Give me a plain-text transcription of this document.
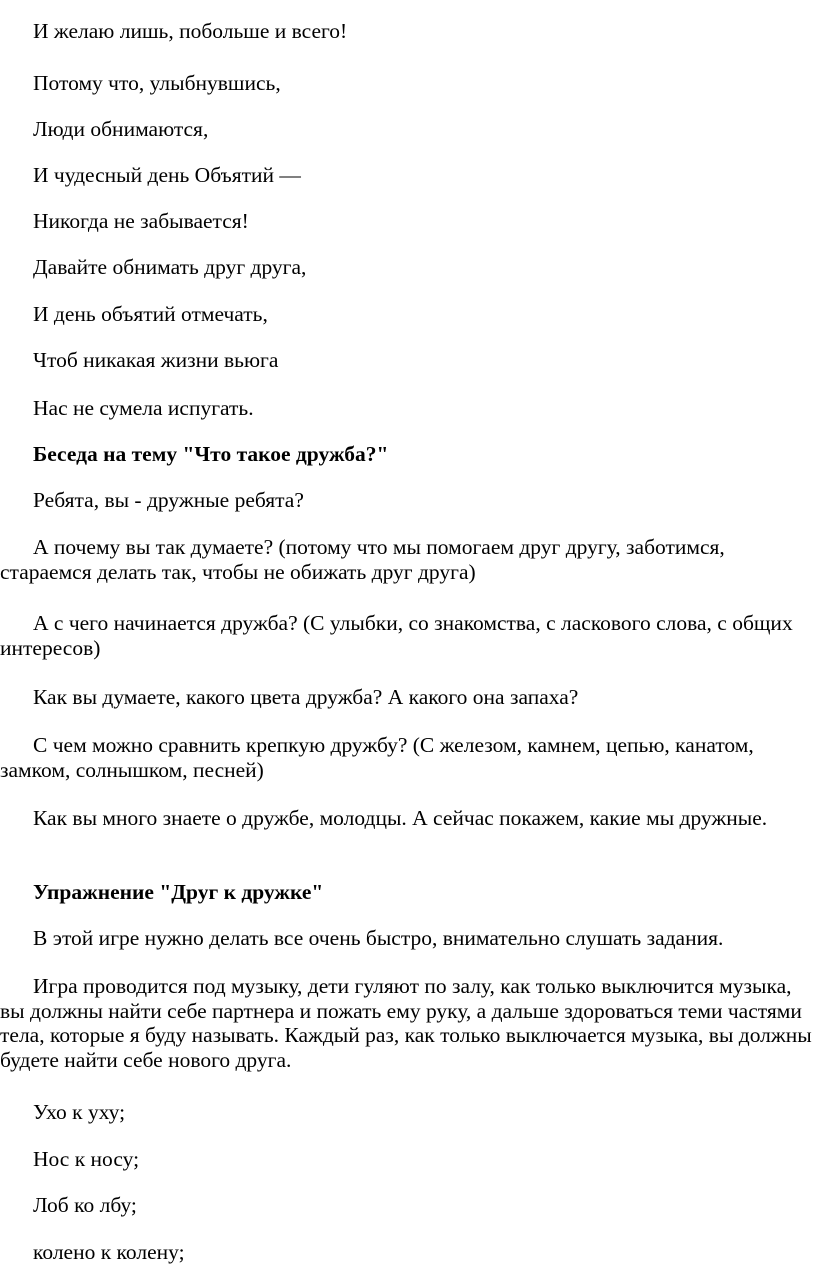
И желаю лишь, побольше и всего!

Потому что, улыбнувшись,

Люди обнимаются,

И чудесный день Объятий —

Никогда не забывается!

Давайте обнимать друг друга,

И день объятий отмечать,

Чтоб никакая жизни вьюга

Нас не сумела испугать.

Беседа на тему "Что такое дружба?"

Ребята, вы - дружные ребята?

А почему вы так думаете? (потому что мы помогаем друг другу, заботимся, стараемся делать так, чтобы не обижать друг друга)

А с чего начинается дружба? (С улыбки, со знакомства, с ласкового слова, с общих интересов)

Как вы думаете, какого цвета дружба? А какого она запаха?

С чем можно сравнить крепкую дружбу? (С железом, камнем, цепью, канатом, замком, солнышком, песней)

Как вы много знаете о дружбе, молодцы. А сейчас покажем, какие мы дружные.

Упражнение "Друг к дружке"

В этой игре нужно делать все очень быстро, внимательно слушать задания.

Игра проводится под музыку, дети гуляют по залу, как только выключится музыка, вы должны найти себе партнера и пожать ему руку, а дальше здороваться теми частями тела, которые я буду называть. Каждый раз, как только выключается музыка, вы должны будете найти себе нового друга.

Ухо к уху;

Нос к носу;

Лоб ко лбу;

колено к колену;
